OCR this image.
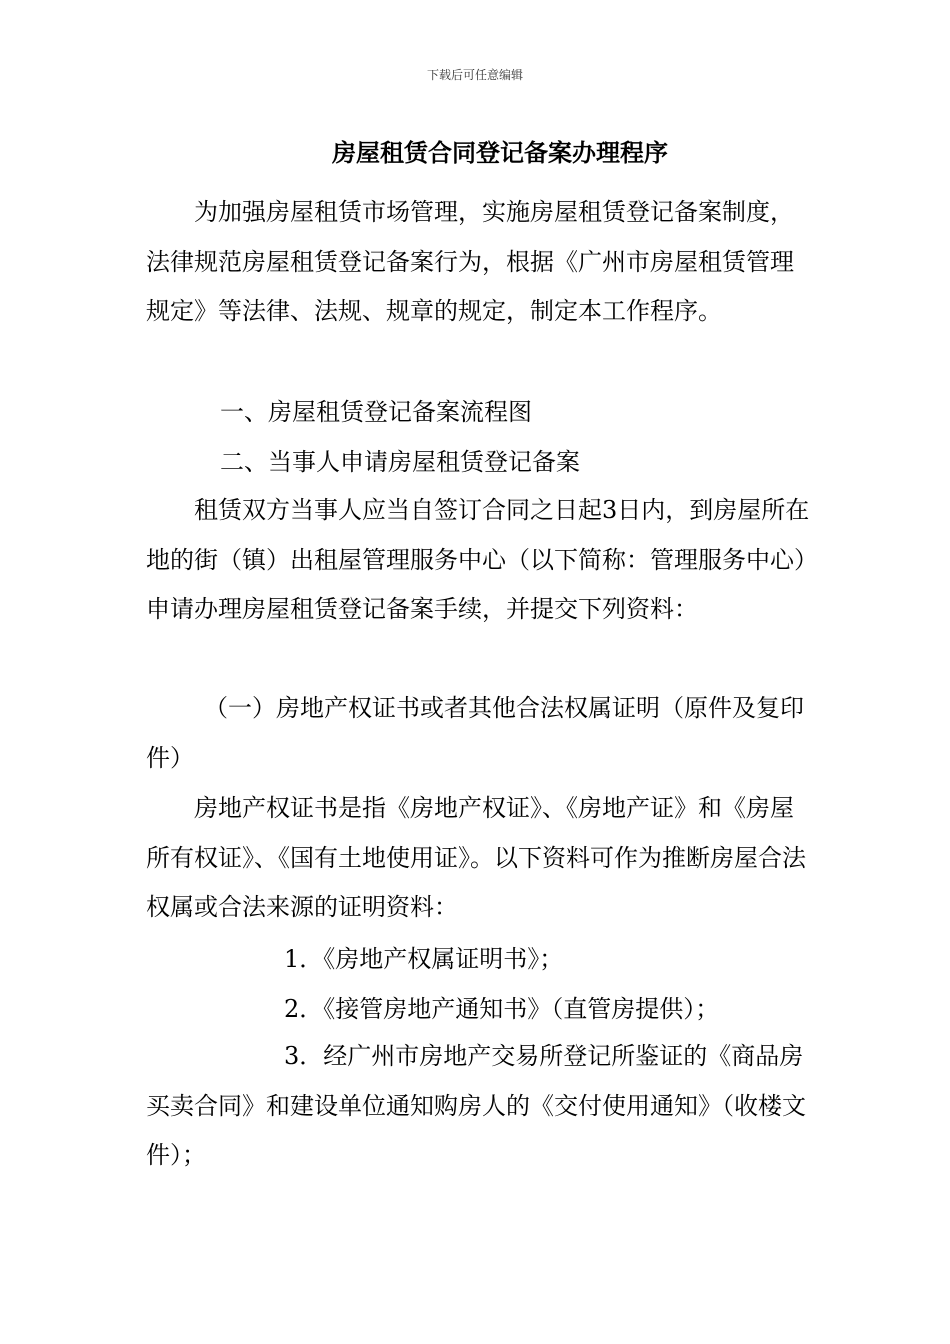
下载后可任意编辑
房屋租赁合同登记备案办理程序

为加强房屋租赁市场管理，实施房屋租赁登记备案制度，法律规范房屋租赁登记备案行为，根据《广州市房屋租赁管理规定》等法律、法规、规章的规定，制定本工作程序。

一、房屋租赁登记备案流程图

二、当事人申请房屋租赁登记备案

租赁双方当事人应当自签订合同之日起3日内，到房屋所在地的街（镇）出租屋管理服务中心（以下简称：管理服务中心）申请办理房屋租赁登记备案手续，并提交下列资料：

（一）房地产权证书或者其他合法权属证明（原件及复印件）

房地产权证书是指《房地产权证》、《房地产证》和《房屋所有权证》、《国有土地使用证》。以下资料可作为推断房屋合法权属或合法来源的证明资料：

1．《房地产权属证明书》；

2．《接管房地产通知书》（直管房提供）；

3．经广州市房地产交易所登记所鉴证的《商品房买卖合同》和建设单位通知购房人的《交付使用通知》（收楼文件）；
